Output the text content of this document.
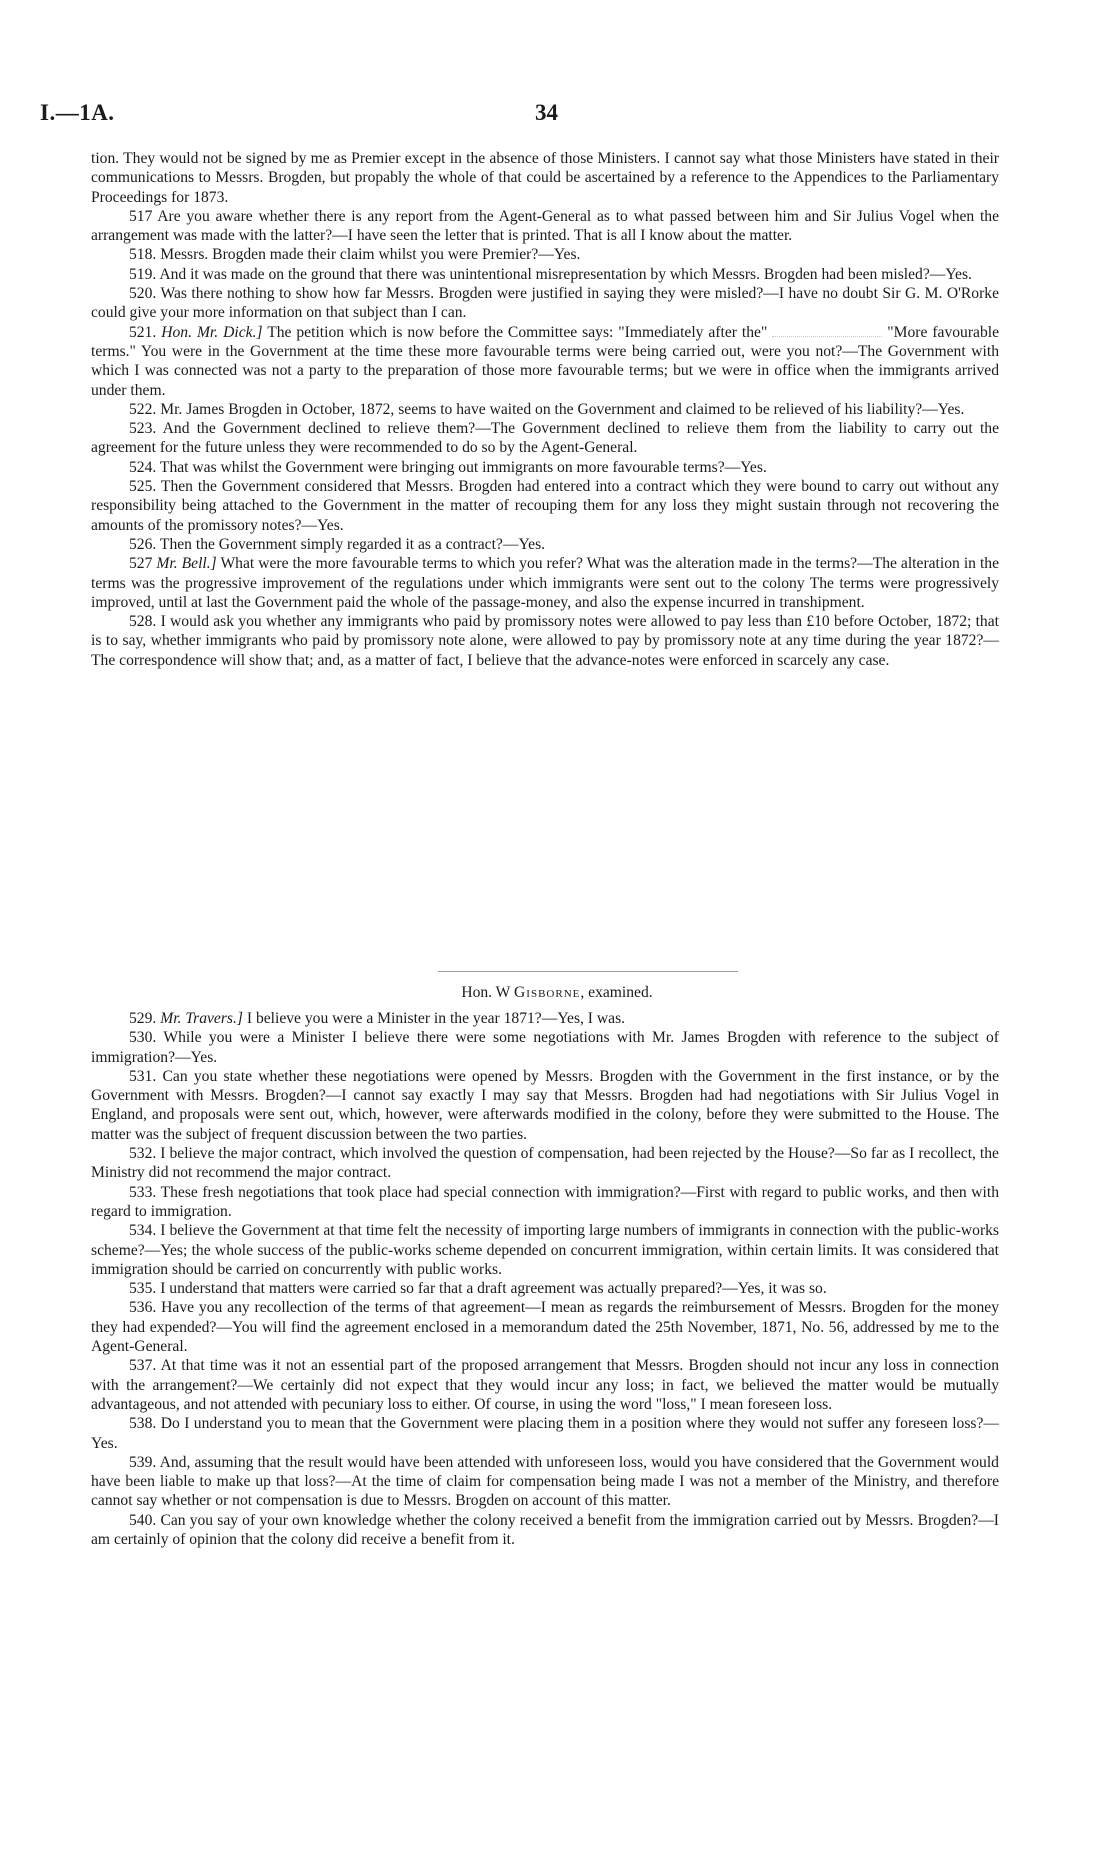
I.—1A.	34

tion. They would not be signed by me as Premier except in the absence of those Ministers. I cannot say what those Ministers have stated in their communications to Messrs. Brogden, but propably the whole of that could be ascertained by a reference to the Appendices to the Parliamentary Proceedings for 1873.

517 Are you aware whether there is any report from the Agent-General as to what passed between him and Sir Julius Vogel when the arrangement was made with the latter?—I have seen the letter that is printed. That is all I know about the matter.

518. Messrs. Brogden made their claim whilst you were Premier?—Yes.

519. And it was made on the ground that there was unintentional misrepresentation by which Messrs. Brogden had been misled?—Yes.

520. Was there nothing to show how far Messrs. Brogden were justified in saying they were misled?—I have no doubt Sir G. M. O'Rorke could give your more information on that subject than I can.

521. Hon. Mr. Dick.] The petition which is now before the Committee says: "Immediately after the"	"More favourable terms." You were in the Government at the time these more favourable terms were being carried out, were you not?—The Government with which I was connected was not a party to the preparation of those more favourable terms; but we were in office when the immigrants arrived under them.

522. Mr. James Brogden in October, 1872, seems to have waited on the Government and claimed to be relieved of his liability?—Yes.

523. And the Government declined to relieve them?—The Government declined to relieve them from the liability to carry out the agreement for the future unless they were recommended to do so by the Agent-General.

524. That was whilst the Government were bringing out immigrants on more favourable terms?—Yes.

525. Then the Government considered that Messrs. Brogden had entered into a contract which they were bound to carry out without any responsibility being attached to the Government in the matter of recouping them for any loss they might sustain through not recovering the amounts of the promissory notes?—Yes.

526. Then the Government simply regarded it as a contract?—Yes.

527 Mr. Bell.] What were the more favourable terms to which you refer? What was the alteration made in the terms?—The alteration in the terms was the progressive improvement of the regulations under which immigrants were sent out to the colony The terms were progressively improved, until at last the Government paid the whole of the passage-money, and also the expense incurred in transhipment.

528. I would ask you whether any immigrants who paid by promissory notes were allowed to pay less than £10 before October, 1872; that is to say, whether immigrants who paid by promissory note alone, were allowed to pay by promissory note at any time during the year 1872?—The correspondence will show that; and, as a matter of fact, I believe that the advance-notes were enforced in scarcely any case.

Hon. W Gisborne, examined.

529. Mr. Travers.] I believe you were a Minister in the year 1871?—Yes, I was.

530. While you were a Minister I believe there were some negotiations with Mr. James Brogden with reference to the subject of immigration?—Yes.

531. Can you state whether these negotiations were opened by Messrs. Brogden with the Government in the first instance, or by the Government with Messrs. Brogden?—I cannot say exactly I may say that Messrs. Brogden had had negotiations with Sir Julius Vogel in England, and proposals were sent out, which, however, were afterwards modified in the colony, before they were submitted to the House. The matter was the subject of frequent discussion between the two parties.

532. I believe the major contract, which involved the question of compensation, had been rejected by the House?—So far as I recollect, the Ministry did not recommend the major contract.

533. These fresh negotiations that took place had special connection with immigration?—First with regard to public works, and then with regard to immigration.

534. I believe the Government at that time felt the necessity of importing large numbers of immigrants in connection with the public-works scheme?—Yes; the whole success of the public-works scheme depended on concurrent immigration, within certain limits. It was considered that immigration should be carried on concurrently with public works.

535. I understand that matters were carried so far that a draft agreement was actually prepared?—Yes, it was so.

536. Have you any recollection of the terms of that agreement—I mean as regards the reimbursement of Messrs. Brogden for the money they had expended?—You will find the agreement enclosed in a memorandum dated the 25th November, 1871, No. 56, addressed by me to the Agent-General.

537. At that time was it not an essential part of the proposed arrangement that Messrs. Brogden should not incur any loss in connection with the arrangement?—We certainly did not expect that they would incur any loss; in fact, we believed the matter would be mutually advantageous, and not attended with pecuniary loss to either. Of course, in using the word "loss," I mean foreseen loss.

538. Do I understand you to mean that the Government were placing them in a position where they would not suffer any foreseen loss?—Yes.

539. And, assuming that the result would have been attended with unforeseen loss, would you have considered that the Government would have been liable to make up that loss?—At the time of claim for compensation being made I was not a member of the Ministry, and therefore cannot say whether or not compensation is due to Messrs. Brogden on account of this matter.

540. Can you say of your own knowledge whether the colony received a benefit from the immigration carried out by Messrs. Brogden?—I am certainly of opinion that the colony did receive a benefit from it.
